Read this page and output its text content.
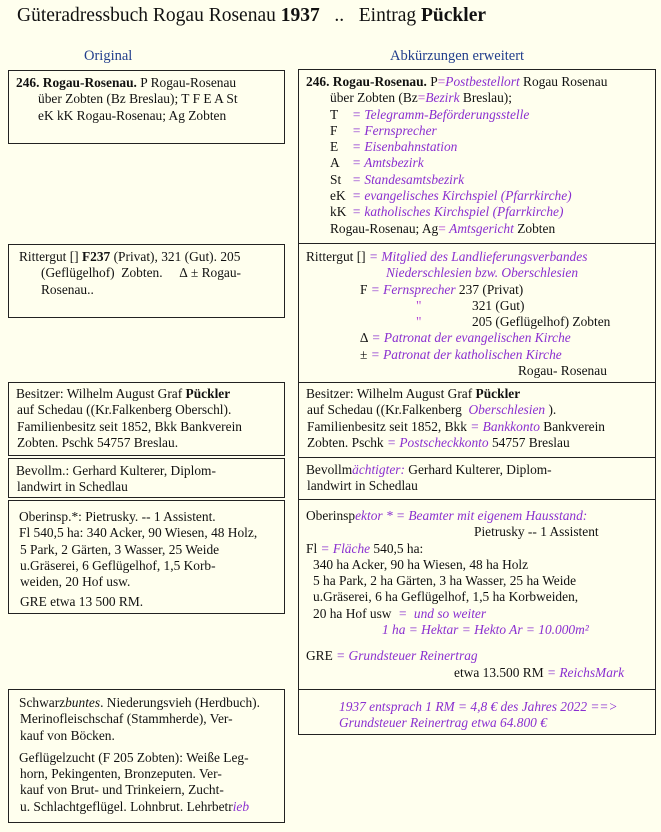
Güteradressbuch Rogau Rosenau 1937 .. Eintrag Pückler
Original	Abkürzungen erweitert
246. Rogau-Rosenau. P Rogau-Rosenau
über Zobten (Bz Breslau); T F E A St
eK kK Rogau-Rosenau; Ag Zobten
Rittergut [] F237 (Privat), 321 (Gut). 205
(Geflügelhof)  Zobten.     ∆ ± Rogau-
Rosenau..
Besitzer: Wilhelm August Graf Pückler
auf Schedau ((Kr.Falkenberg Oberschl).
Familienbesitz seit 1852, Bkk Bankverein
Zobten. Pschk 54757 Breslau.
Bevollm.: Gerhard Kulterer, Diplom-
landwirt in Schedlau
Oberinsp.*: Pietrusky. -- 1 Assistent.
Fl 540,5 ha: 340 Acker, 90 Wiesen, 48 Holz,
5 Park, 2 Gärten, 3 Wasser, 25 Weide
u.Gräserei, 6 Geflügelhof, 1,5 Korb-
weiden, 20 Hof usw.
GRE etwa 13 500 RM.
Schwarzbuntes. Niederungsvieh (Herdbuch).
Merinofleischschaf (Stammherde), Ver-
kauf von Böcken.
Geflügelzucht (F 205 Zobten): Weiße Leg-
horn, Pekingenten, Bronzeputen. Ver-
kauf von Brut- und Trinkeiern, Zucht-
u. Schlachtgeflügel. Lohnbrut. Lehrbetrieb
246. Rogau-Rosenau. P=Postbestellort Rogau Rosenau
über Zobten (Bz=Bezirk Breslau);
T = Telegramm-Beförderungsstelle
F = Fernsprecher
E = Eisenbahnstation
A = Amtsbezirk
St = Standesamtsbezirk
eK = evangelisches Kirchspiel (Pfarrkirche)
kK = katholisches Kirchspiel (Pfarrkirche)
Rogau-Rosenau; Ag= Amtsgericht Zobten
Rittergut [] = Mitglied des Landlieferungsverbandes
Niederschlesien bzw. Oberschlesien
F = Fernsprecher 237 (Privat)
"	321 (Gut)
"	205 (Geflügelhof) Zobten
∆ = Patronat der evangelischen Kirche
± = Patronat der katholischen Kirche
Rogau- Rosenau
Besitzer: Wilhelm August Graf Pückler
auf Schedau ((Kr.Falkenberg  Oberschlesien ).
Familienbesitz seit 1852, Bkk = Bankkonto Bankverein
Zobten. Pschk = Postscheckkonto 54757 Breslau
Bevollmächtigter: Gerhard Kulterer, Diplom-
landwirt in Schedlau
Oberinspektor * = Beamter mit eigenem Hausstand:
Pietrusky -- 1 Assistent
Fl = Fläche 540,5 ha:
340 ha Acker, 90 ha Wiesen, 48 ha Holz
5 ha Park, 2 ha Gärten, 3 ha Wasser, 25 ha Weide
u.Gräserei, 6 ha Geflügelhof, 1,5 ha Korbweiden,
20 ha Hof usw  =  und so weiter
1 ha = Hektar = Hekto Ar = 10.000m²
GRE = Grundsteuer Reinertrag
etwa 13.500 RM = ReichsMark
1937 entsprach 1 RM = 4,8 € des Jahres 2022 ==>
Grundsteuer Reinertrag etwa 64.800 €
